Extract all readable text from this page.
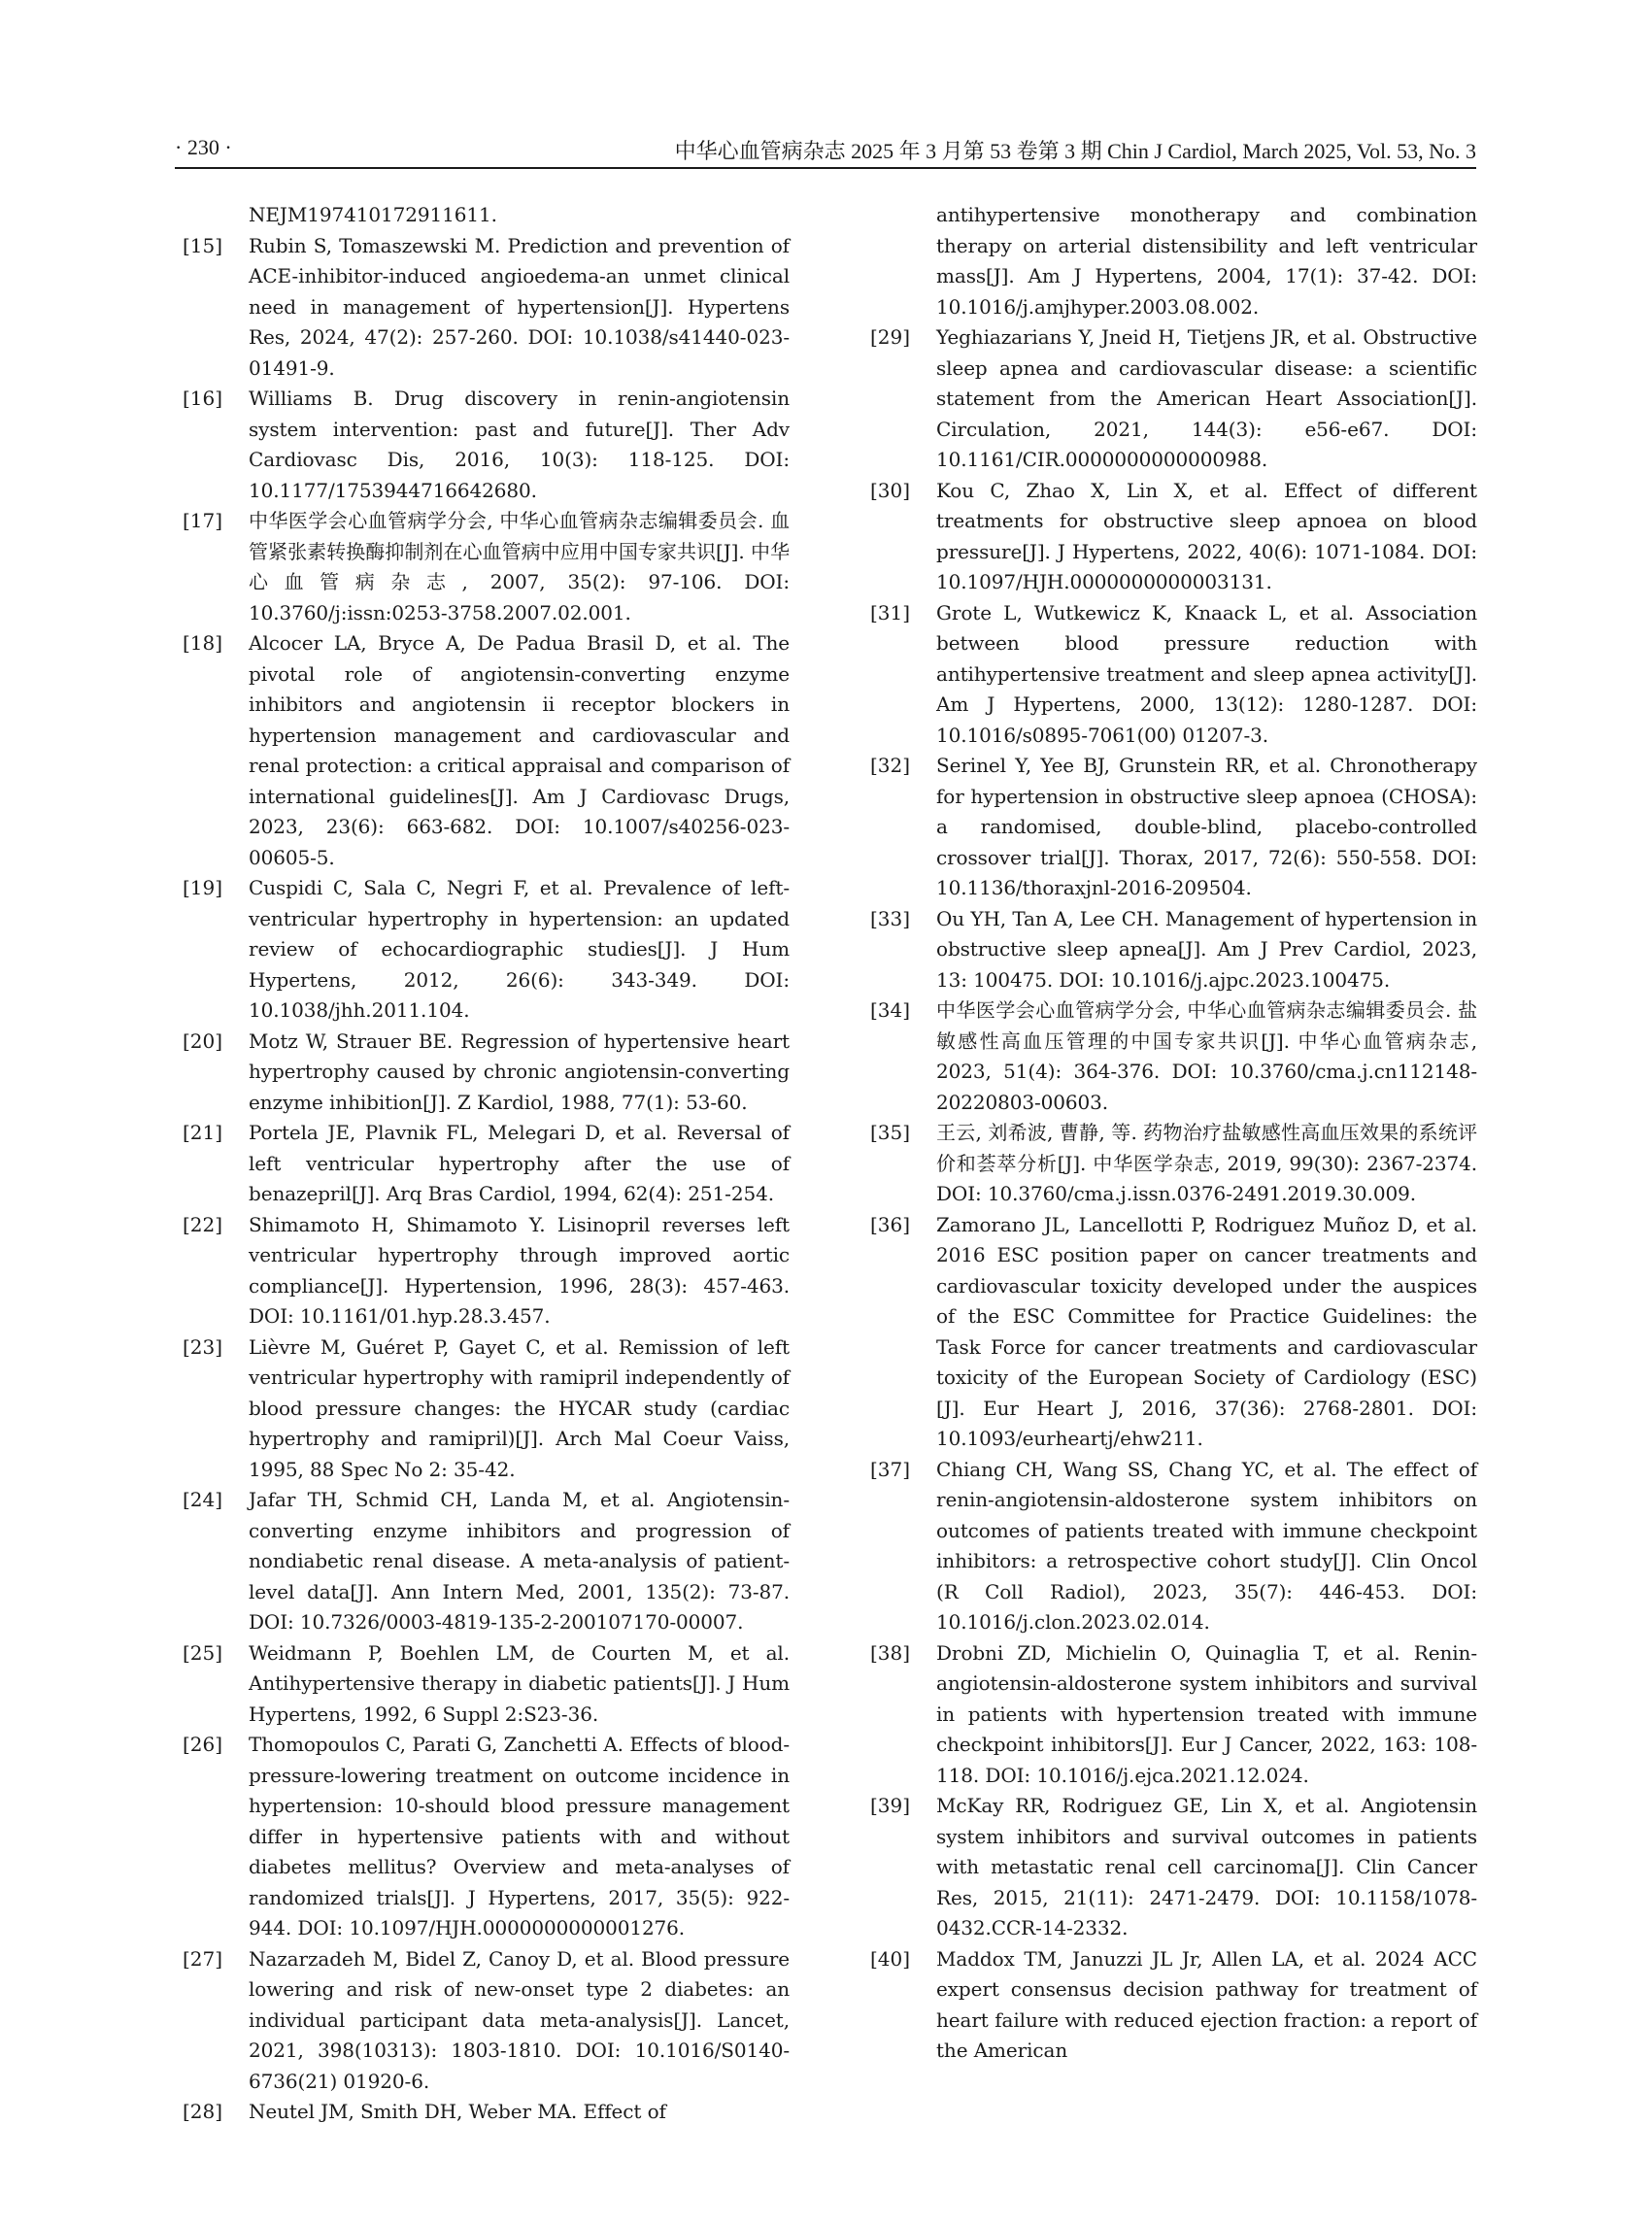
· 230 ·	中华心血管病杂志 2025 年 3 月第 53 卷第 3 期 Chin J Cardiol, March 2025, Vol. 53, No. 3
NEJM197410172911611.
[15] Rubin S, Tomaszewski M. Prediction and prevention of ACE-inhibitor-induced angioedema-an unmet clinical need in management of hypertension[J]. Hypertens Res, 2024, 47(2): 257-260. DOI: 10.1038/s41440-023-01491-9.
[16] Williams B. Drug discovery in renin-angiotensin system intervention: past and future[J]. Ther Adv Cardiovasc Dis, 2016, 10(3): 118-125. DOI: 10.1177/1753944716642680.
[17] 中华医学会心血管病学分会, 中华心血管病杂志编辑委员会. 血管紧张素转换酶抑制剂在心血管病中应用中国专家共识[J]. 中华心血管病杂志, 2007, 35(2): 97-106. DOI: 10.3760/j:issn:0253-3758.2007.02.001.
[18] Alcocer LA, Bryce A, De Padua Brasil D, et al. The pivotal role of angiotensin-converting enzyme inhibitors and angiotensin ii receptor blockers in hypertension management and cardiovascular and renal protection: a critical appraisal and comparison of international guidelines[J]. Am J Cardiovasc Drugs, 2023, 23(6): 663-682. DOI: 10.1007/s40256-023-00605-5.
[19] Cuspidi C, Sala C, Negri F, et al. Prevalence of left-ventricular hypertrophy in hypertension: an updated review of echocardiographic studies[J]. J Hum Hypertens, 2012, 26(6): 343-349. DOI: 10.1038/jhh.2011.104.
[20] Motz W, Strauer BE. Regression of hypertensive heart hypertrophy caused by chronic angiotensin-converting enzyme inhibition[J]. Z Kardiol, 1988, 77(1): 53-60.
[21] Portela JE, Plavnik FL, Melegari D, et al. Reversal of left ventricular hypertrophy after the use of benazepril[J]. Arq Bras Cardiol, 1994, 62(4): 251-254.
[22] Shimamoto H, Shimamoto Y. Lisinopril reverses left ventricular hypertrophy through improved aortic compliance[J]. Hypertension, 1996, 28(3): 457-463. DOI: 10.1161/01.hyp.28.3.457.
[23] Lièvre M, Guéret P, Gayet C, et al. Remission of left ventricular hypertrophy with ramipril independently of blood pressure changes: the HYCAR study (cardiac hypertrophy and ramipril)[J]. Arch Mal Coeur Vaiss, 1995, 88 Spec No 2: 35-42.
[24] Jafar TH, Schmid CH, Landa M, et al. Angiotensin-converting enzyme inhibitors and progression of nondiabetic renal disease. A meta-analysis of patient-level data[J]. Ann Intern Med, 2001, 135(2): 73-87. DOI: 10.7326/0003-4819-135-2-200107170-00007.
[25] Weidmann P, Boehlen LM, de Courten M, et al. Antihypertensive therapy in diabetic patients[J]. J Hum Hypertens, 1992, 6 Suppl 2:S23-36.
[26] Thomopoulos C, Parati G, Zanchetti A. Effects of blood-pressure-lowering treatment on outcome incidence in hypertension: 10-should blood pressure management differ in hypertensive patients with and without diabetes mellitus? Overview and meta-analyses of randomized trials[J]. J Hypertens, 2017, 35(5): 922-944. DOI: 10.1097/HJH.0000000000001276.
[27] Nazarzadeh M, Bidel Z, Canoy D, et al. Blood pressure lowering and risk of new-onset type 2 diabetes: an individual participant data meta-analysis[J]. Lancet, 2021, 398(10313): 1803-1810. DOI: 10.1016/S0140-6736(21) 01920-6.
[28] Neutel JM, Smith DH, Weber MA. Effect of
antihypertensive monotherapy and combination therapy on arterial distensibility and left ventricular mass[J]. Am J Hypertens, 2004, 17(1): 37-42. DOI: 10.1016/j.amjhyper.2003.08.002.
[29] Yeghiazarians Y, Jneid H, Tietjens JR, et al. Obstructive sleep apnea and cardiovascular disease: a scientific statement from the American Heart Association[J]. Circulation, 2021, 144(3): e56-e67. DOI: 10.1161/CIR.0000000000000988.
[30] Kou C, Zhao X, Lin X, et al. Effect of different treatments for obstructive sleep apnoea on blood pressure[J]. J Hypertens, 2022, 40(6): 1071-1084. DOI: 10.1097/HJH.0000000000003131.
[31] Grote L, Wutkewicz K, Knaack L, et al. Association between blood pressure reduction with antihypertensive treatment and sleep apnea activity[J]. Am J Hypertens, 2000, 13(12): 1280-1287. DOI: 10.1016/s0895-7061(00) 01207-3.
[32] Serinel Y, Yee BJ, Grunstein RR, et al. Chronotherapy for hypertension in obstructive sleep apnoea (CHOSA): a randomised, double-blind, placebo-controlled crossover trial[J]. Thorax, 2017, 72(6): 550-558. DOI: 10.1136/thoraxjnl-2016-209504.
[33] Ou YH, Tan A, Lee CH. Management of hypertension in obstructive sleep apnea[J]. Am J Prev Cardiol, 2023, 13: 100475. DOI: 10.1016/j.ajpc.2023.100475.
[34] 中华医学会心血管病学分会, 中华心血管病杂志编辑委员会. 盐敏感性高血压管理的中国专家共识[J]. 中华心血管病杂志, 2023, 51(4): 364-376. DOI: 10.3760/cma.j.cn112148-20220803-00603.
[35] 王云, 刘希波, 曹静, 等. 药物治疗盐敏感性高血压效果的系统评价和荟萃分析[J]. 中华医学杂志, 2019, 99(30): 2367-2374. DOI: 10.3760/cma.j.issn.0376-2491.2019.30.009.
[36] Zamorano JL, Lancellotti P, Rodriguez Muñoz D, et al. 2016 ESC position paper on cancer treatments and cardiovascular toxicity developed under the auspices of the ESC Committee for Practice Guidelines: the Task Force for cancer treatments and cardiovascular toxicity of the European Society of Cardiology (ESC) [J]. Eur Heart J, 2016, 37(36): 2768-2801. DOI: 10.1093/eurheartj/ehw211.
[37] Chiang CH, Wang SS, Chang YC, et al. The effect of renin-angiotensin-aldosterone system inhibitors on outcomes of patients treated with immune checkpoint inhibitors: a retrospective cohort study[J]. Clin Oncol (R Coll Radiol), 2023, 35(7): 446-453. DOI: 10.1016/j.clon.2023.02.014.
[38] Drobni ZD, Michielin O, Quinaglia T, et al. Renin-angiotensin-aldosterone system inhibitors and survival in patients with hypertension treated with immune checkpoint inhibitors[J]. Eur J Cancer, 2022, 163: 108-118. DOI: 10.1016/j.ejca.2021.12.024.
[39] McKay RR, Rodriguez GE, Lin X, et al. Angiotensin system inhibitors and survival outcomes in patients with metastatic renal cell carcinoma[J]. Clin Cancer Res, 2015, 21(11): 2471-2479. DOI: 10.1158/1078-0432.CCR-14-2332.
[40] Maddox TM, Januzzi JL Jr, Allen LA, et al. 2024 ACC expert consensus decision pathway for treatment of heart failure with reduced ejection fraction: a report of the American
